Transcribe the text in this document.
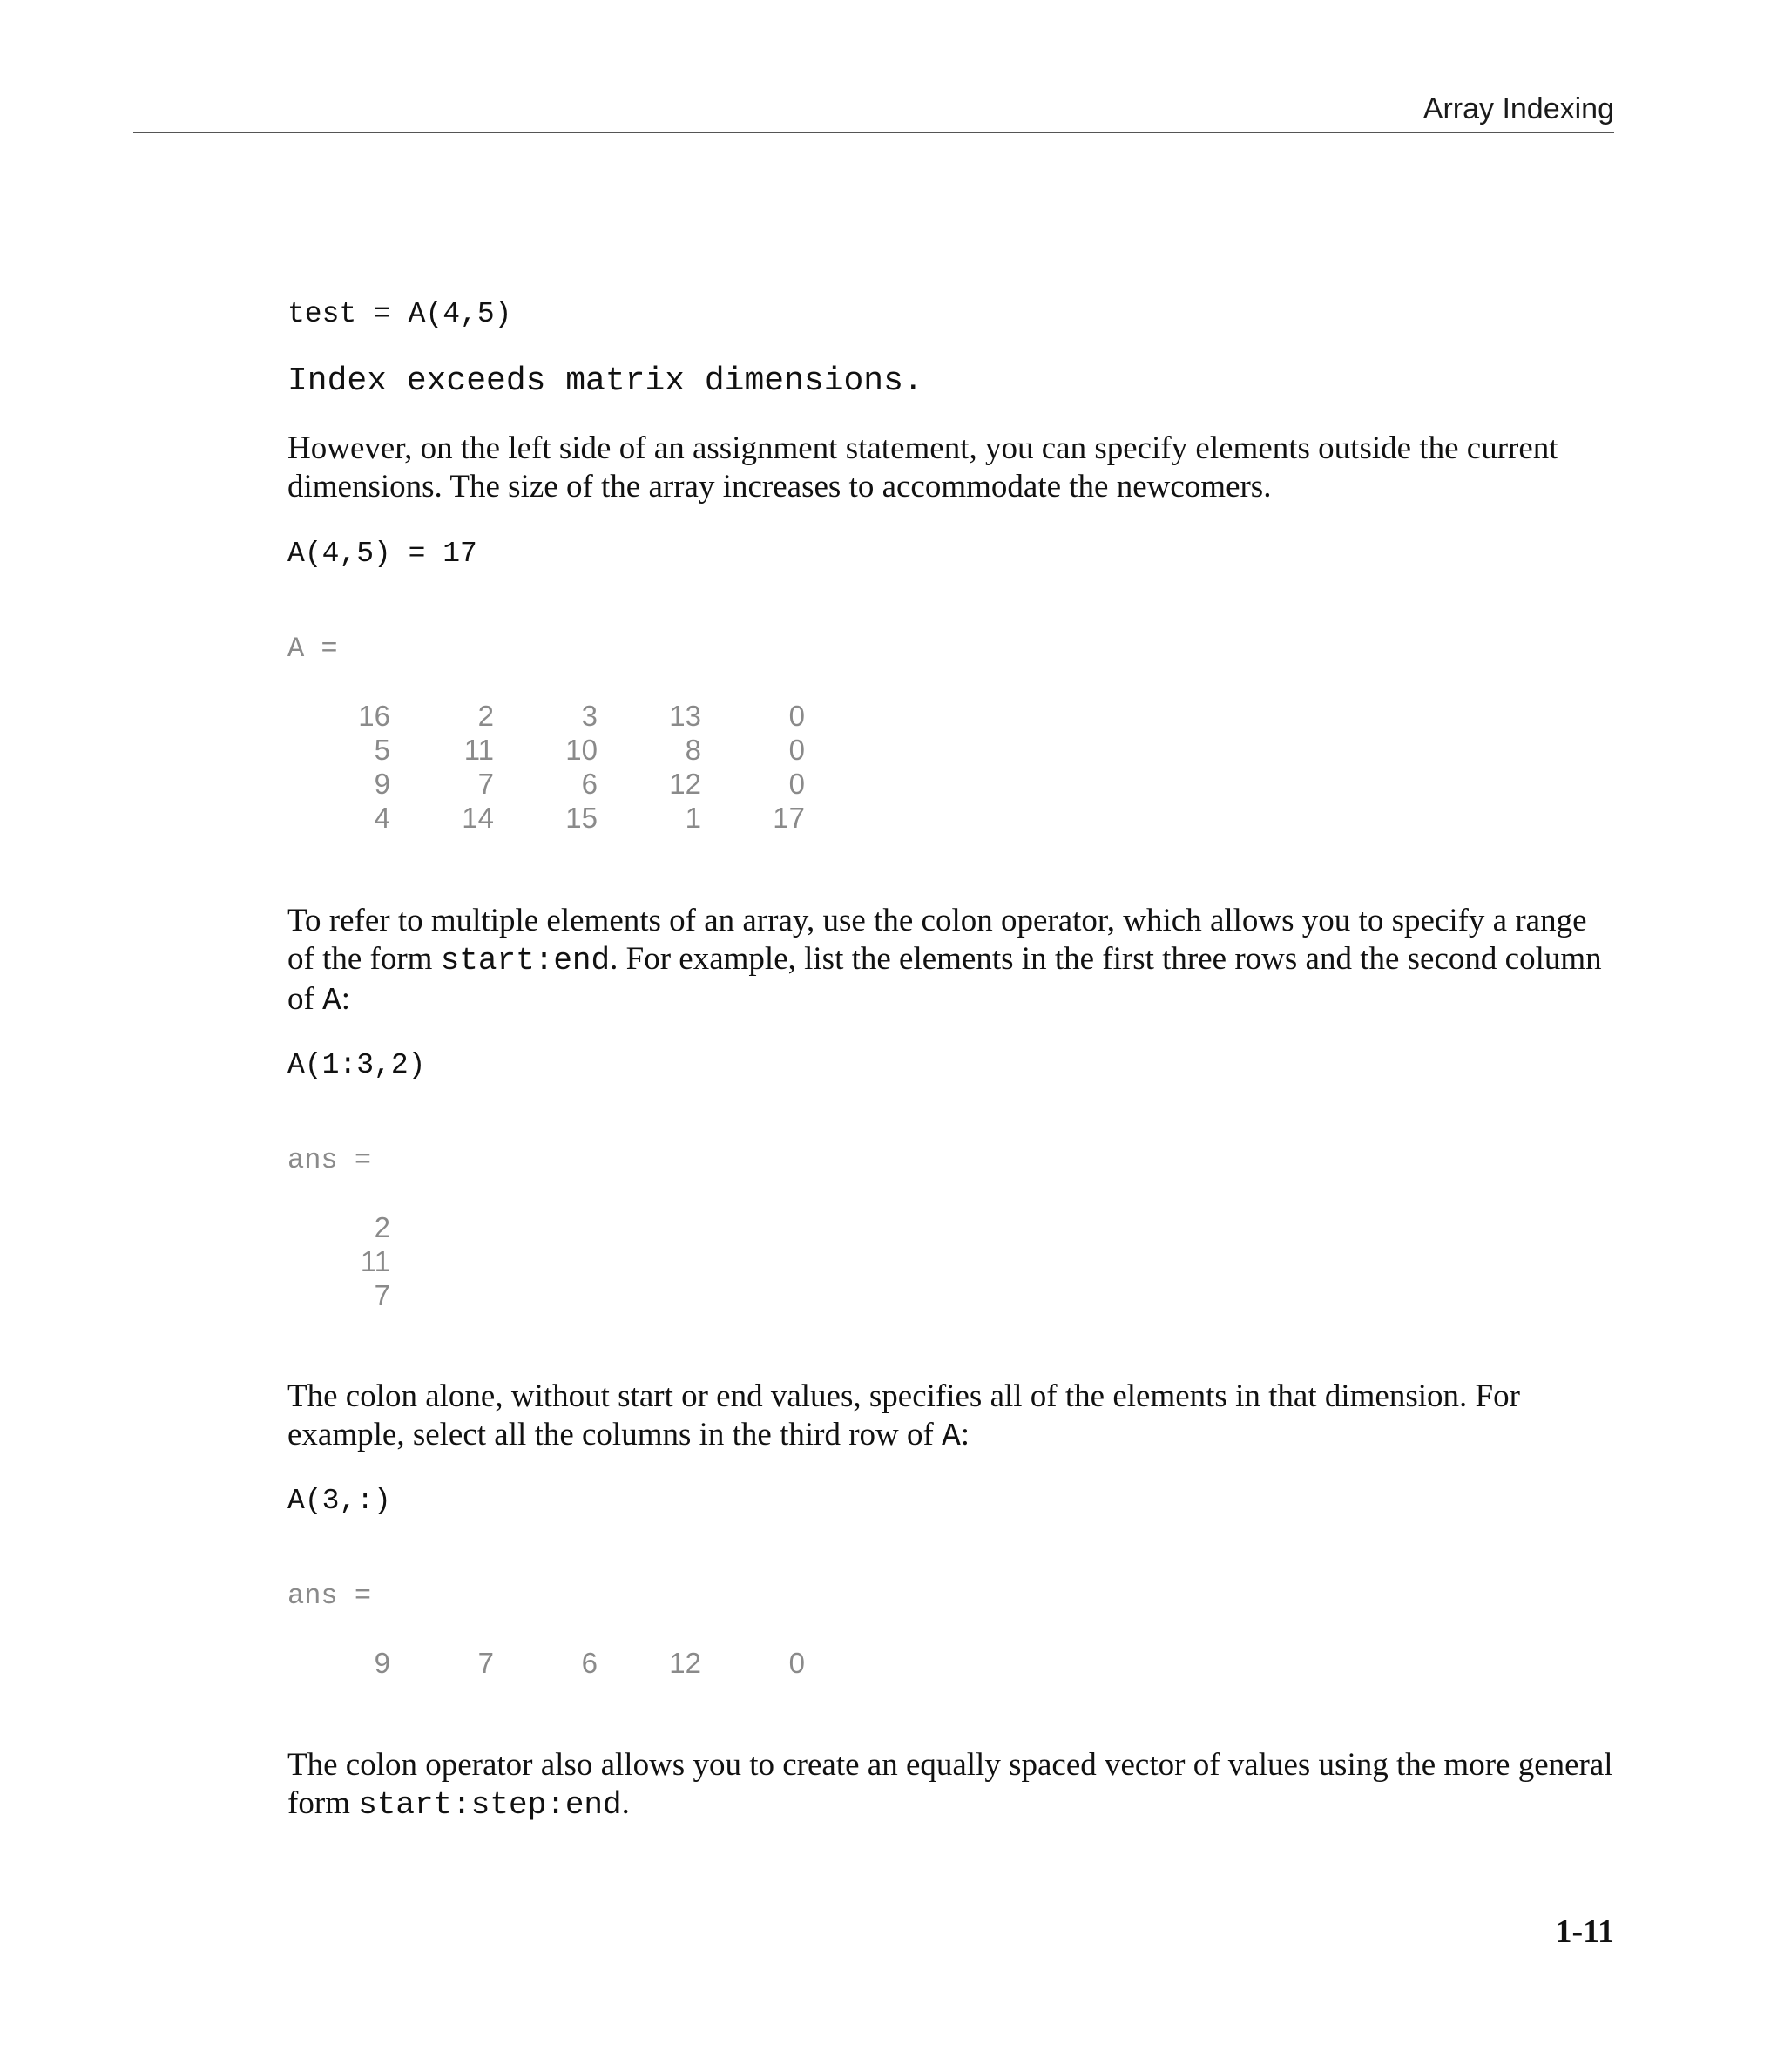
Array Indexing
test = A(4,5)
Index exceeds matrix dimensions.
However, on the left side of an assignment statement, you can specify elements outside the current dimensions. The size of the array increases to accommodate the newcomers.
A(4,5) = 17
A =
16	2	3	13	0
5	11	10	8	0
9	7	6	12	0
4	14	15	1	17
To refer to multiple elements of an array, use the colon operator, which allows you to specify a range of the form start:end. For example, list the elements in the first three rows and the second column of A:
A(1:3,2)
ans =
2
11
7
The colon alone, without start or end values, specifies all of the elements in that dimension. For example, select all the columns in the third row of A:
A(3,:)
ans =
9	7	6	12	0
The colon operator also allows you to create an equally spaced vector of values using the more general form start:step:end.
1-11
